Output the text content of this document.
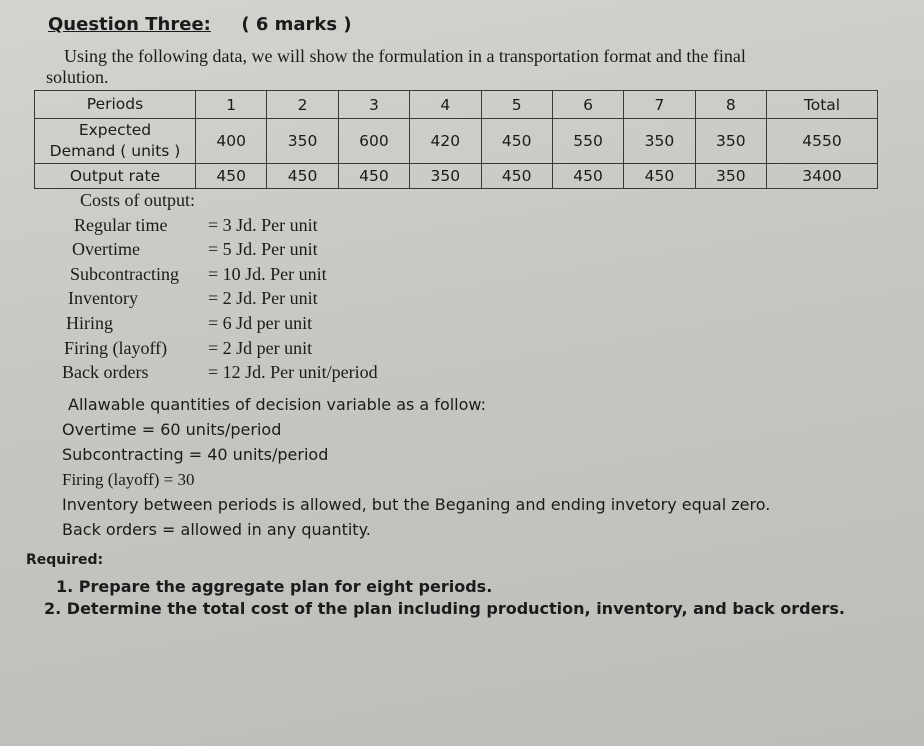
Question Three: ( 6 marks )
Using the following data, we will show the formulation in a transportation format and the final
solution.
Periods	1	2	3	4	5	6	7	8	Total

Expected
Demand ( units )	400	350	600	420	450	550	350	350	4550
Output rate	450	450	450	350	450	450	450	350	3400
Costs of output:
Regular time = 3 Jd. Per unit
Overtime	= 5 Jd. Per unit
Subcontracting = 10 Jd. Per unit
Inventory	= 2 Jd. Per unit
Hiring	= 6 Jd per unit
Firing (layoff) = 2 Jd per unit
Back orders	= 12 Jd. Per unit/period
Allawable quantities of decision variable as a follow:
Overtime = 60 units/period
Subcontracting = 40 units/period
Firing (layoff) = 30
Inventory between periods is allowed, but the Beganing and ending invetory equal zero.
Back orders = allowed in any quantity.
Required:
1. Prepare the aggregate plan for eight periods.
2. Determine the total cost of the plan including production, inventory, and back orders.
